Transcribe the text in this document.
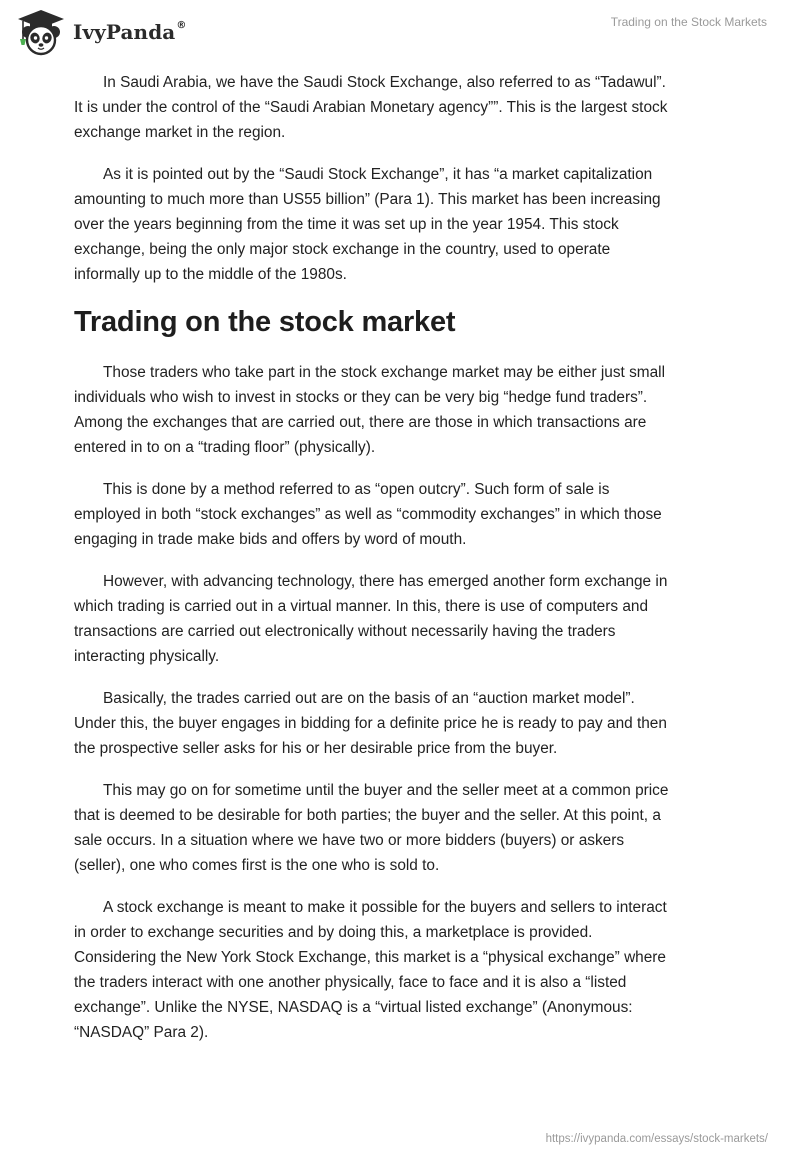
IvyPanda®	Trading on the Stock Markets

In Saudi Arabia, we have the Saudi Stock Exchange, also referred to as “Tadawul”.
It is under the control of the “Saudi Arabian Monetary agency””. This is the largest stock
exchange market in the region.

As it is pointed out by the “Saudi Stock Exchange”, it has “a market capitalization
amounting to much more than US55 billion” (Para 1). This market has been increasing
over the years beginning from the time it was set up in the year 1954. This stock
exchange, being the only major stock exchange in the country, used to operate
informally up to the middle of the 1980s.

Trading on the stock market

Those traders who take part in the stock exchange market may be either just small
individuals who wish to invest in stocks or they can be very big “hedge fund traders”.
Among the exchanges that are carried out, there are those in which transactions are
entered in to on a “trading floor” (physically).

This is done by a method referred to as “open outcry”. Such form of sale is
employed in both “stock exchanges” as well as “commodity exchanges” in which those
engaging in trade make bids and offers by word of mouth.

However, with advancing technology, there has emerged another form exchange in
which trading is carried out in a virtual manner. In this, there is use of computers and
transactions are carried out electronically without necessarily having the traders
interacting physically.

Basically, the trades carried out are on the basis of an “auction market model”.
Under this, the buyer engages in bidding for a definite price he is ready to pay and then
the prospective seller asks for his or her desirable price from the buyer.

This may go on for sometime until the buyer and the seller meet at a common price
that is deemed to be desirable for both parties; the buyer and the seller. At this point, a
sale occurs. In a situation where we have two or more bidders (buyers) or askers
(seller), one who comes first is the one who is sold to.

A stock exchange is meant to make it possible for the buyers and sellers to interact
in order to exchange securities and by doing this, a marketplace is provided.
Considering the New York Stock Exchange, this market is a “physical exchange” where
the traders interact with one another physically, face to face and it is also a “listed
exchange”. Unlike the NYSE, NASDAQ is a “virtual listed exchange” (Anonymous:
“NASDAQ” Para 2).

https://ivypanda.com/essays/stock-markets/
